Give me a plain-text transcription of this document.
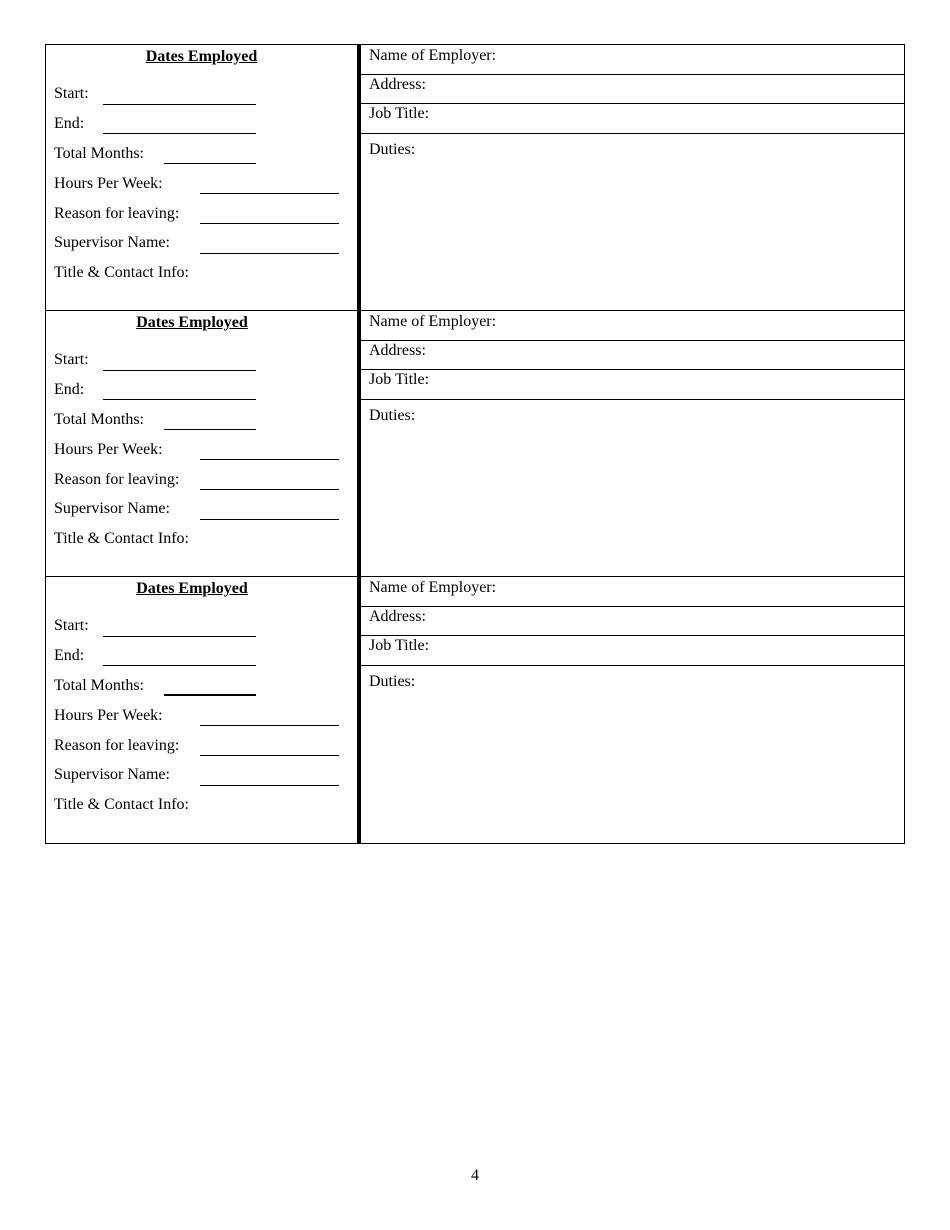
Dates Employed
Start:
End:
Total Months:
Hours Per Week:
Reason for leaving:
Supervisor Name:
Title & Contact Info:
Name of Employer:
Address:
Job Title:
Duties:
Dates Employed
Start:
End:
Total Months:
Hours Per Week:
Reason for leaving:
Supervisor Name:
Title & Contact Info:
Name of Employer:
Address:
Job Title:
Duties:
Dates Employed
Start:
End:
Total Months:
Hours Per Week:
Reason for leaving:
Supervisor Name:
Title & Contact Info:
Name of Employer:
Address:
Job Title:
Duties:
4
